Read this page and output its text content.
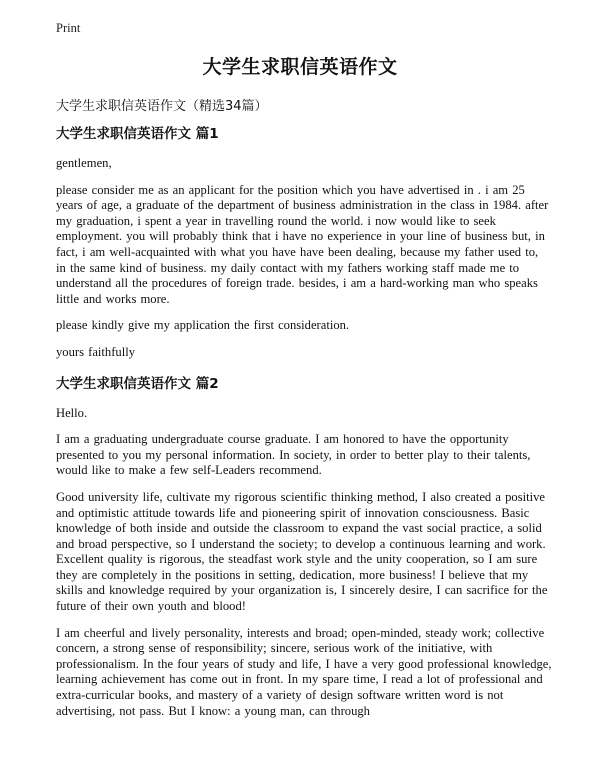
Print
大学生求职信英语作文
大学生求职信英语作文（精选34篇）
大学生求职信英语作文 篇1

gentlemen,

please consider me as an applicant for the position which you have advertised in . i am 25 years of age, a graduate of the department of business administration in the class in 1984. after my graduation, i spent a year in travelling round the world. i now would like to seek employment. you will probably think that i have no experience in your line of business but, in fact, i am well-acquainted with what you have have been dealing, because my father used to, in the same kind of business. my daily contact with my fathers working staff made me to understand all the procedures of foreign trade. besides, i am a hard-working man who speaks little and works more.

please kindly give my application the first consideration.

yours faithfully

大学生求职信英语作文 篇2

Hello.

I am a graduating undergraduate course graduate. I am honored to have the opportunity presented to you my personal information. In society, in order to better play to their talents, would like to make a few self-Leaders recommend.

Good university life, cultivate my rigorous scientific thinking method, I also created a positive and optimistic attitude towards life and pioneering spirit of innovation consciousness. Basic knowledge of both inside and outside the classroom to expand the vast social practice, a solid and broad perspective, so I understand the society; to develop a continuous learning and work. Excellent quality is rigorous, the steadfast work style and the unity cooperation, so I am sure they are completely in the positions in setting, dedication, more business! I believe that my skills and knowledge required by your organization is, I sincerely desire, I can sacrifice for the future of their own youth and blood!

I am cheerful and lively personality, interests and broad; open-minded, steady work; collective concern, a strong sense of responsibility; sincere, serious work of the initiative, with professionalism. In the four years of study and life, I have a very good professional knowledge, learning achievement has come out in front. In my spare time, I read a lot of professional and extra-curricular books, and mastery of a variety of design software written word is not advertising, not pass. But I know: a young man, can through
